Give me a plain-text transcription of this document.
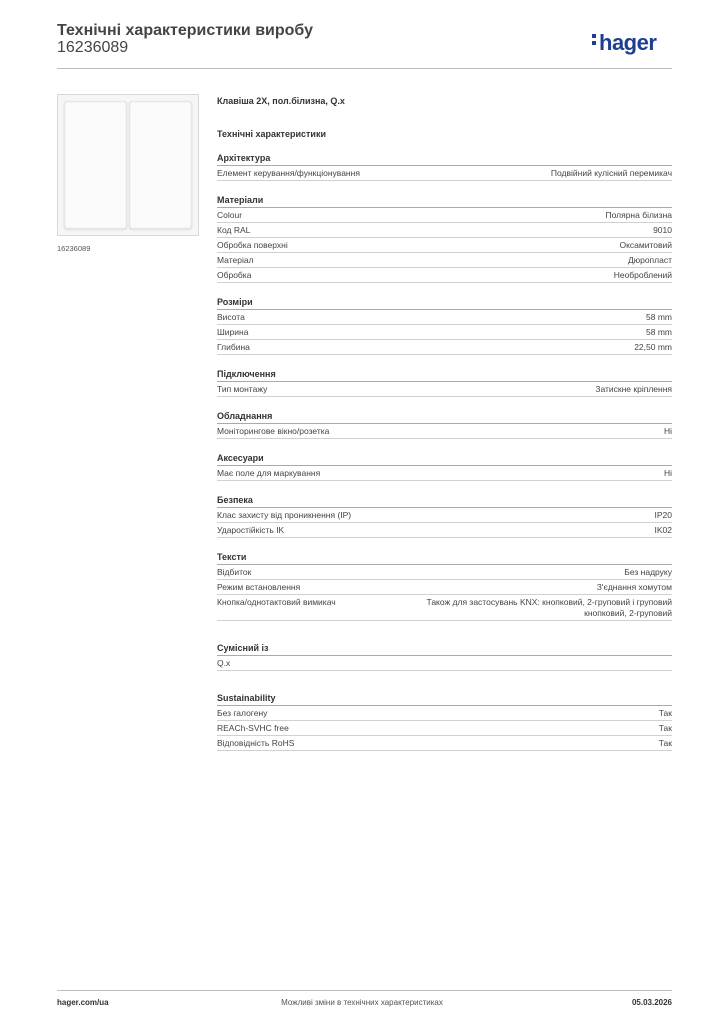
Технічні характеристики виробу
16236089	hager
16236089
Клавіша 2X, пол.білизна, Q.x
Технічні характеристики
Архітектура
Елемент керування/функціонування	Подвійний кулісний перемикач
Матеріали
Colour	Полярна білизна
Код RAL	9010
Обробка поверхні	Оксамитовий
Матеріал	Дюропласт
Обробка	Необроблений
Розміри
Висота	58 mm
Ширина	58 mm
Глибина	22,50 mm
Підключення
Тип монтажу	Затискне кріплення
Обладнання
Моніторингове вікно/розетка	Ні
Аксесуари
Має поле для маркування	Ні
Безпека
Клас захисту від проникнення (IP)	IP20
Ударостійкість IK	IK02
Тексти
Відбиток	Без надруку
Режим встановлення	З'єднання хомутом
Кнопка/однотактовий вимикач	Також для застосувань KNX: кнопковий, 2-груповий і груповий кнопковий, 2-груповий
Сумісний із
Q.x
Sustainability
Без галогену	Так
REACh-SVHC free	Так
Відповідність RoHS	Так
hager.com/ua	Можливі зміни в технічних характеристиках	05.03.2026
